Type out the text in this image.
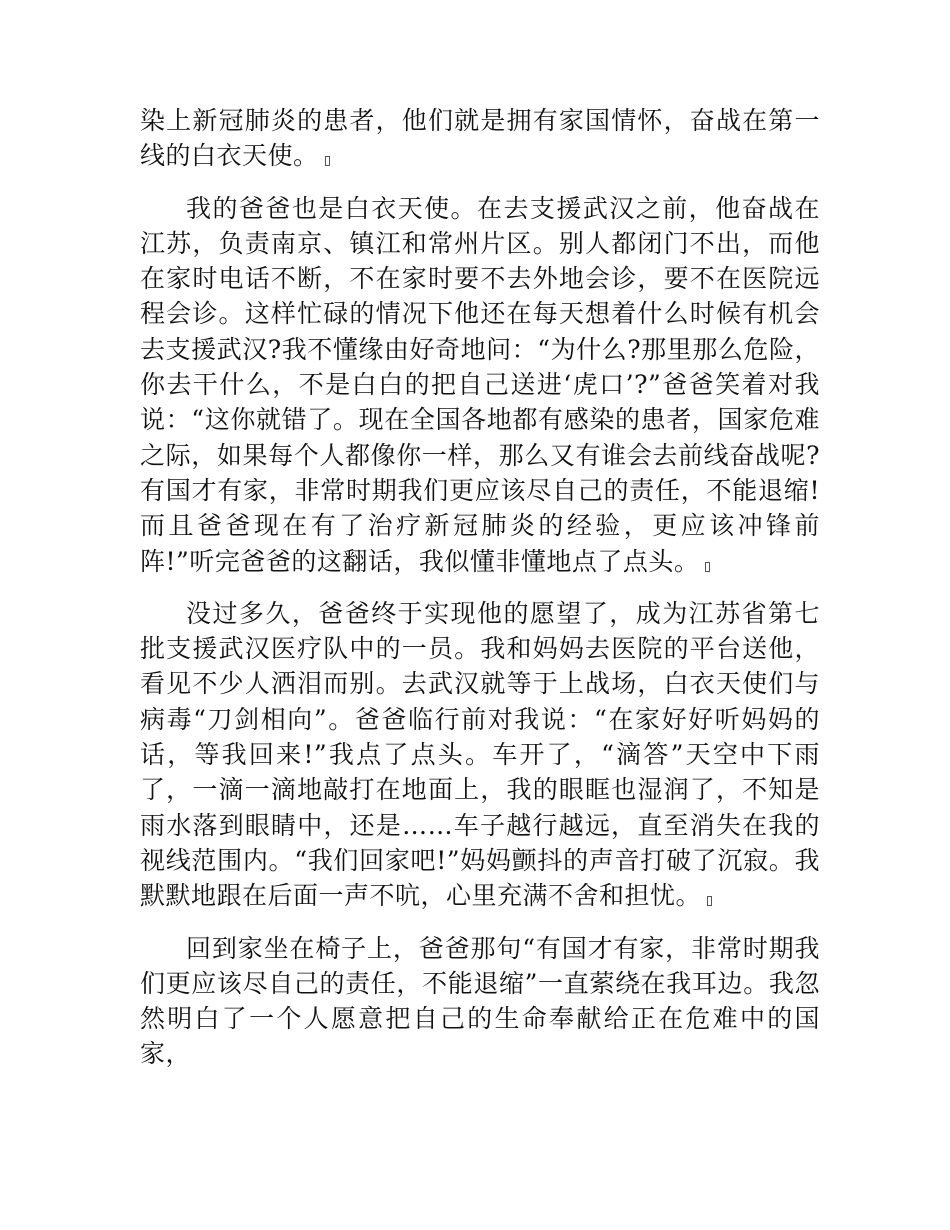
染上新冠肺炎的患者，他们就是拥有家国情怀，奋战在第一线的白衣天使。

我的爸爸也是白衣天使。在去支援武汉之前，他奋战在江苏，负责南京、镇江和常州片区。别人都闭门不出，而他在家时电话不断，不在家时要不去外地会诊，要不在医院远程会诊。这样忙碌的情况下他还在每天想着什么时候有机会去支援武汉?我不懂缘由好奇地问：“为什么?那里那么危险，你去干什么，不是白白的把自己送进‘虎口’?”爸爸笑着对我说：“这你就错了。现在全国各地都有感染的患者，国家危难之际，如果每个人都像你一样，那么又有谁会去前线奋战呢?有国才有家，非常时期我们更应该尽自己的责任，不能退缩!而且爸爸现在有了治疗新冠肺炎的经验，更应该冲锋前阵!”听完爸爸的这翻话，我似懂非懂地点了点头。

没过多久，爸爸终于实现他的愿望了，成为江苏省第七批支援武汉医疗队中的一员。我和妈妈去医院的平台送他，看见不少人洒泪而别。去武汉就等于上战场，白衣天使们与病毒“刀剑相向”。爸爸临行前对我说：“在家好好听妈妈的话，等我回来!”我点了点头。车开了，“滴答”天空中下雨了，一滴一滴地敲打在地面上，我的眼眶也湿润了，不知是雨水落到眼睛中，还是……车子越行越远，直至消失在我的视线范围内。“我们回家吧!”妈妈颤抖的声音打破了沉寂。我默默地跟在后面一声不吭，心里充满不舍和担忧。

回到家坐在椅子上，爸爸那句“有国才有家，非常时期我们更应该尽自己的责任，不能退缩”一直萦绕在我耳边。我忽然明白了一个人愿意把自己的生命奉献给正在危难中的国家，
